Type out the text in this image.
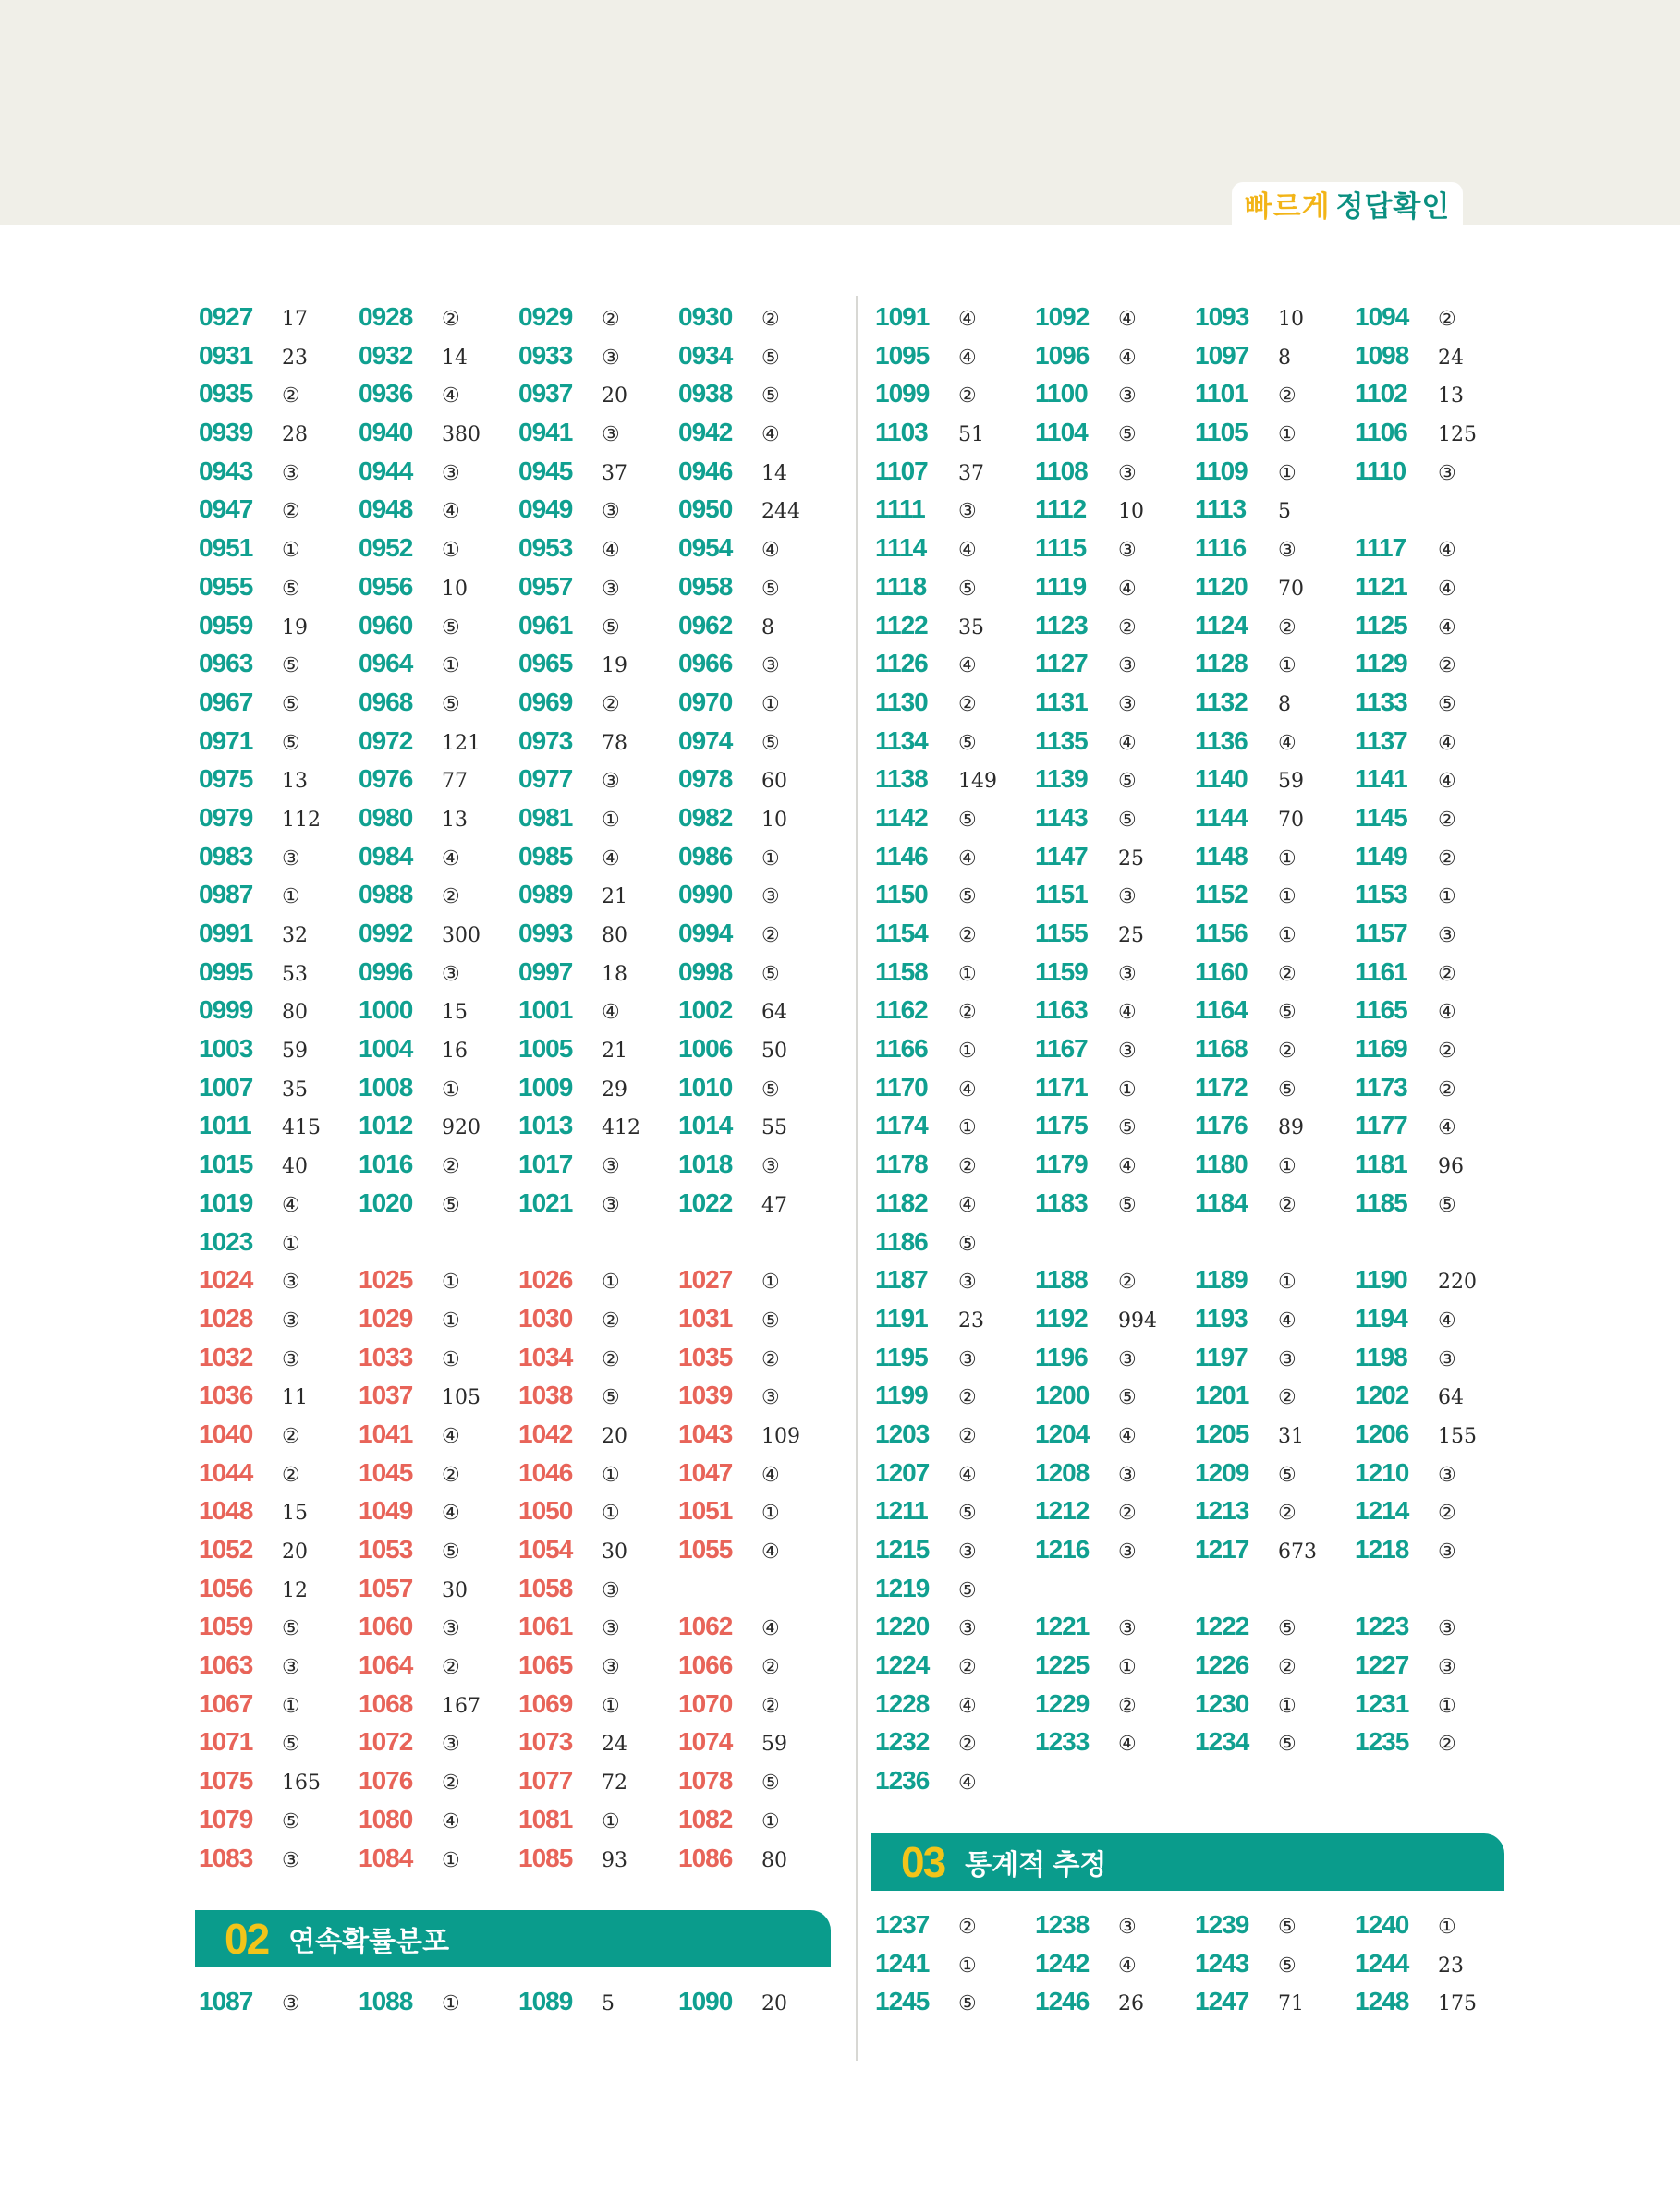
빠르게 정답확인
0927 17 0928 ② 0929 ② 0930 ②
0931 23 0932 14 0933 ③ 0934 ⑤
0935 ② 0936 ④ 0937 20 0938 ⑤
0939 28 0940 380 0941 ③ 0942 ④
0943 ③ 0944 ③ 0945 37 0946 14
0947 ② 0948 ④ 0949 ③ 0950 244
0951 ① 0952 ① 0953 ④ 0954 ④
0955 ⑤ 0956 10 0957 ③ 0958 ⑤
0959 19 0960 ⑤ 0961 ⑤ 0962 8
0963 ⑤ 0964 ① 0965 19 0966 ③
0967 ⑤ 0968 ⑤ 0969 ② 0970 ①
0971 ⑤ 0972 121 0973 78 0974 ⑤
0975 13 0976 77 0977 ③ 0978 60
0979 112 0980 13 0981 ① 0982 10
0983 ③ 0984 ④ 0985 ④ 0986 ①
0987 ① 0988 ② 0989 21 0990 ③
0991 32 0992 300 0993 80 0994 ②
0995 53 0996 ③ 0997 18 0998 ⑤
0999 80 1000 15 1001 ④ 1002 64
1003 59 1004 16 1005 21 1006 50
1007 35 1008 ① 1009 29 1010 ⑤
1011 415 1012 920 1013 412 1014 55
1015 40 1016 ② 1017 ③ 1018 ③
1019 ④ 1020 ⑤ 1021 ③ 1022 47
1023 ①
1024 ③ 1025 ① 1026 ① 1027 ①
1028 ③ 1029 ① 1030 ② 1031 ⑤
1032 ③ 1033 ① 1034 ② 1035 ②
1036 11 1037 105 1038 ⑤ 1039 ③
1040 ② 1041 ④ 1042 20 1043 109
1044 ② 1045 ② 1046 ① 1047 ④
1048 15 1049 ④ 1050 ① 1051 ①
1052 20 1053 ⑤ 1054 30 1055 ④
1056 12 1057 30 1058 ③
1059 ⑤ 1060 ③ 1061 ③ 1062 ④
1063 ③ 1064 ② 1065 ③ 1066 ②
1067 ① 1068 167 1069 ① 1070 ②
1071 ⑤ 1072 ③ 1073 24 1074 59
1075 165 1076 ② 1077 72 1078 ⑤
1079 ⑤ 1080 ④ 1081 ① 1082 ①
1083 ③ 1084 ① 1085 93 1086 80
02 연속확률분포
1087 ③ 1088 ① 1089 5 1090 20
1091 ④ 1092 ④ 1093 10 1094 ②
1095 ④ 1096 ④ 1097 8 1098 24
1099 ② 1100 ③ 1101 ② 1102 13
1103 51 1104 ⑤ 1105 ① 1106 125
1107 37 1108 ③ 1109 ① 1110 ③
1111 ③ 1112 10 1113 5
1114 ④ 1115 ③ 1116 ③ 1117 ④
1118 ⑤ 1119 ④ 1120 70 1121 ④
1122 35 1123 ② 1124 ② 1125 ④
1126 ④ 1127 ③ 1128 ① 1129 ②
1130 ② 1131 ③ 1132 8 1133 ⑤
1134 ⑤ 1135 ④ 1136 ④ 1137 ④
1138 149 1139 ⑤ 1140 59 1141 ④
1142 ⑤ 1143 ⑤ 1144 70 1145 ②
1146 ④ 1147 25 1148 ① 1149 ②
1150 ⑤ 1151 ③ 1152 ① 1153 ①
1154 ② 1155 25 1156 ① 1157 ③
1158 ① 1159 ③ 1160 ② 1161 ②
1162 ② 1163 ④ 1164 ⑤ 1165 ④
1166 ① 1167 ③ 1168 ② 1169 ②
1170 ④ 1171 ① 1172 ⑤ 1173 ②
1174 ① 1175 ⑤ 1176 89 1177 ④
1178 ② 1179 ④ 1180 ① 1181 96
1182 ④ 1183 ⑤ 1184 ② 1185 ⑤
1186 ⑤
1187 ③ 1188 ② 1189 ① 1190 220
1191 23 1192 994 1193 ④ 1194 ④
1195 ③ 1196 ③ 1197 ③ 1198 ③
1199 ② 1200 ⑤ 1201 ② 1202 64
1203 ② 1204 ④ 1205 31 1206 155
1207 ④ 1208 ③ 1209 ⑤ 1210 ③
1211 ⑤ 1212 ② 1213 ② 1214 ②
1215 ③ 1216 ③ 1217 673 1218 ③
1219 ⑤
1220 ③ 1221 ③ 1222 ⑤ 1223 ③
1224 ② 1225 ① 1226 ② 1227 ③
1228 ④ 1229 ② 1230 ① 1231 ①
1232 ② 1233 ④ 1234 ⑤ 1235 ②
1236 ④
03 통계적 추정
1237 ② 1238 ③ 1239 ⑤ 1240 ①
1241 ① 1242 ④ 1243 ⑤ 1244 23
1245 ⑤ 1246 26 1247 71 1248 175
